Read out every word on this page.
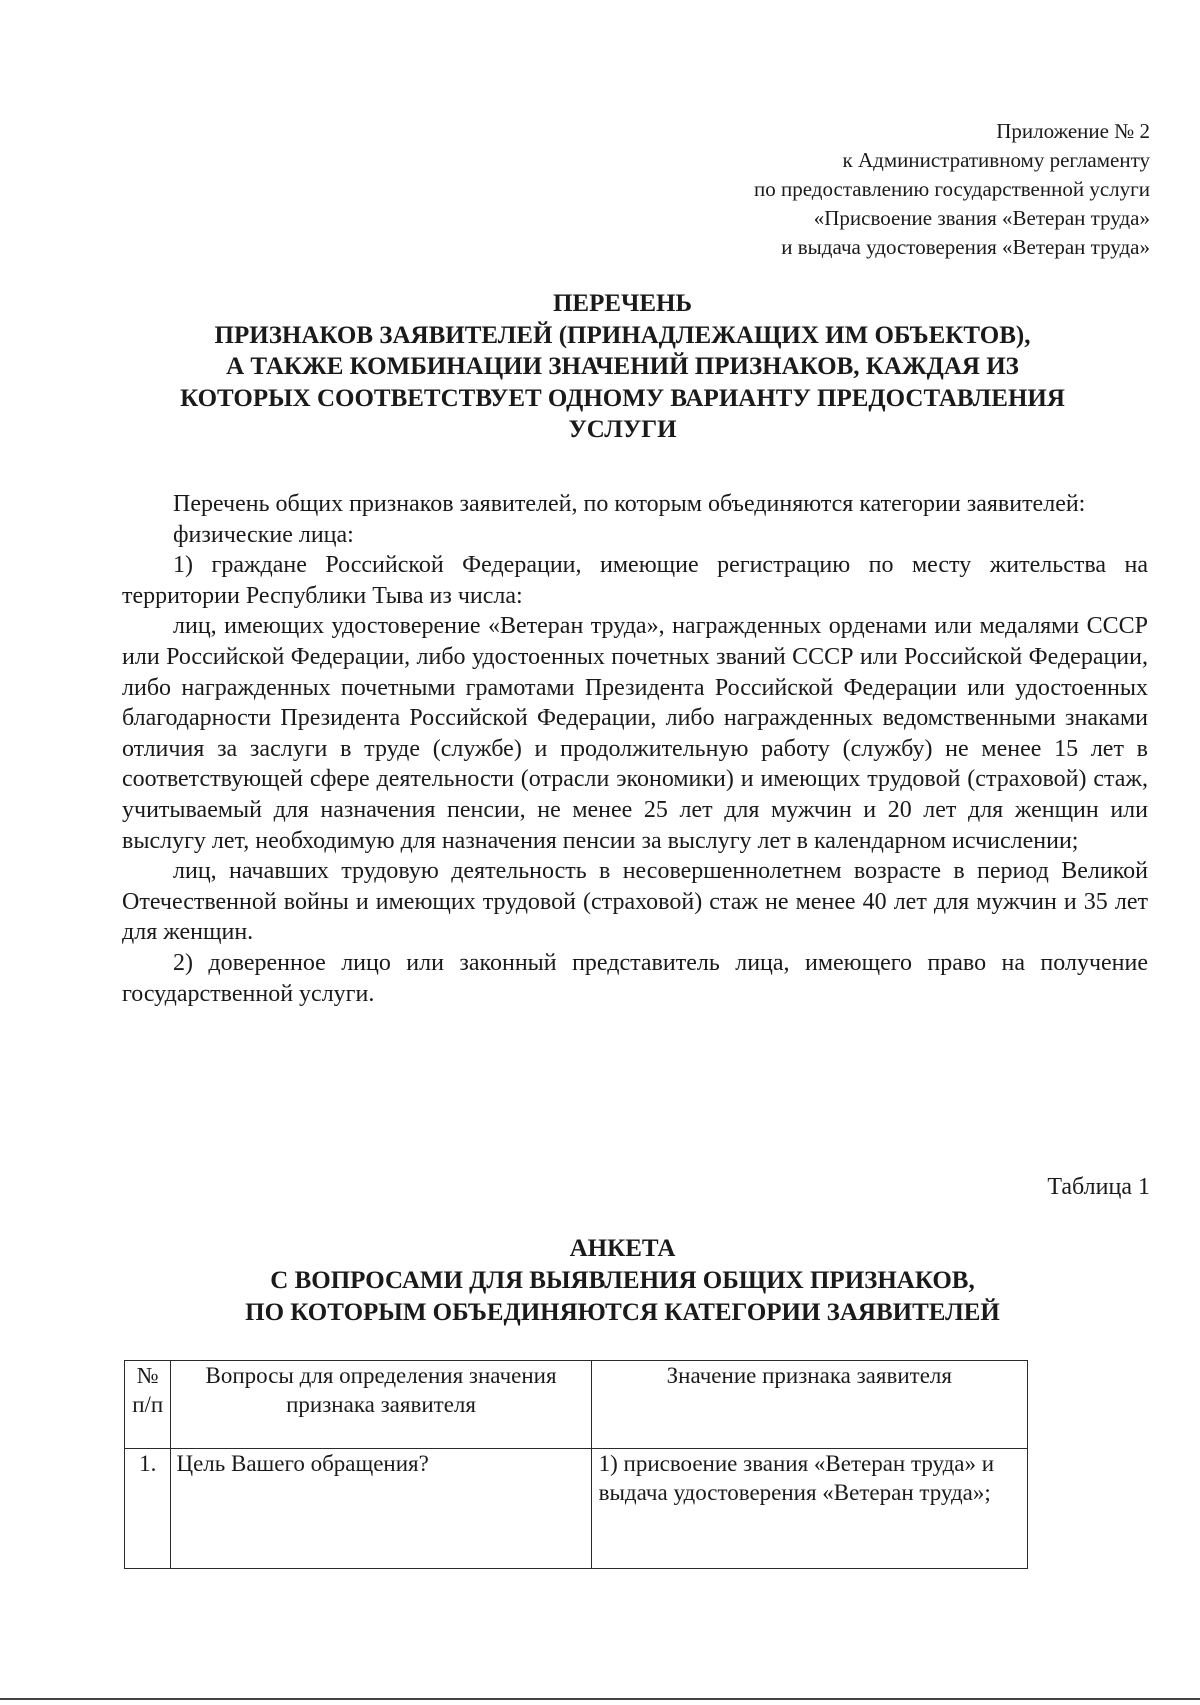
Приложение № 2
к Административному регламенту
по предоставлению государственной услуги
«Присвоение звания «Ветеран труда»
и выдача удостоверения «Ветеран труда»
ПЕРЕЧЕНЬ
ПРИЗНАКОВ ЗАЯВИТЕЛЕЙ (ПРИНАДЛЕЖАЩИХ ИМ ОБЪЕКТОВ),
А ТАКЖЕ КОМБИНАЦИИ ЗНАЧЕНИЙ ПРИЗНАКОВ, КАЖДАЯ ИЗ
КОТОРЫХ СООТВЕТСТВУЕТ ОДНОМУ ВАРИАНТУ ПРЕДОСТАВЛЕНИЯ
УСЛУГИ

Перечень общих признаков заявителей, по которым объединяются категории заявителей:

физические лица:

1) граждане Российской Федерации, имеющие регистрацию по месту жительства на территории Республики Тыва из числа:

лиц, имеющих удостоверение «Ветеран труда», награжденных орденами или медалями СССР или Российской Федерации, либо удостоенных почетных званий СССР или Российской Федерации, либо награжденных почетными грамотами Президента Российской Федерации или удостоенных благодарности Президента Российской Федерации, либо награжденных ведомственными знаками отличия за заслуги в труде (службе) и продолжительную работу (службу) не менее 15 лет в соответствующей сфере деятельности (отрасли экономики) и имеющих трудовой (страховой) стаж, учитываемый для назначения пенсии, не менее 25 лет для мужчин и 20 лет для женщин или выслугу лет, необходимую для назначения пенсии за выслугу лет в календарном исчислении;

лиц, начавших трудовую деятельность в несовершеннолетнем возрасте в период Великой Отечественной войны и имеющих трудовой (страховой) стаж не менее 40 лет для мужчин и 35 лет для женщин.

2) доверенное лицо или законный представитель лица, имеющего право на получение государственной услуги.

Таблица 1
АНКЕТА
С ВОПРОСАМИ ДЛЯ ВЫЯВЛЕНИЯ ОБЩИХ ПРИЗНАКОВ,
ПО КОТОРЫМ ОБЪЕДИНЯЮТСЯ КАТЕГОРИИ ЗАЯВИТЕЛЕЙ
№ п/п	Вопросы для определения значения признака заявителя	Значение признака заявителя
1.	Цель Вашего обращения?	1) присвоение звания «Ветеран труда» и выдача удостоверения «Ветеран труда»;
